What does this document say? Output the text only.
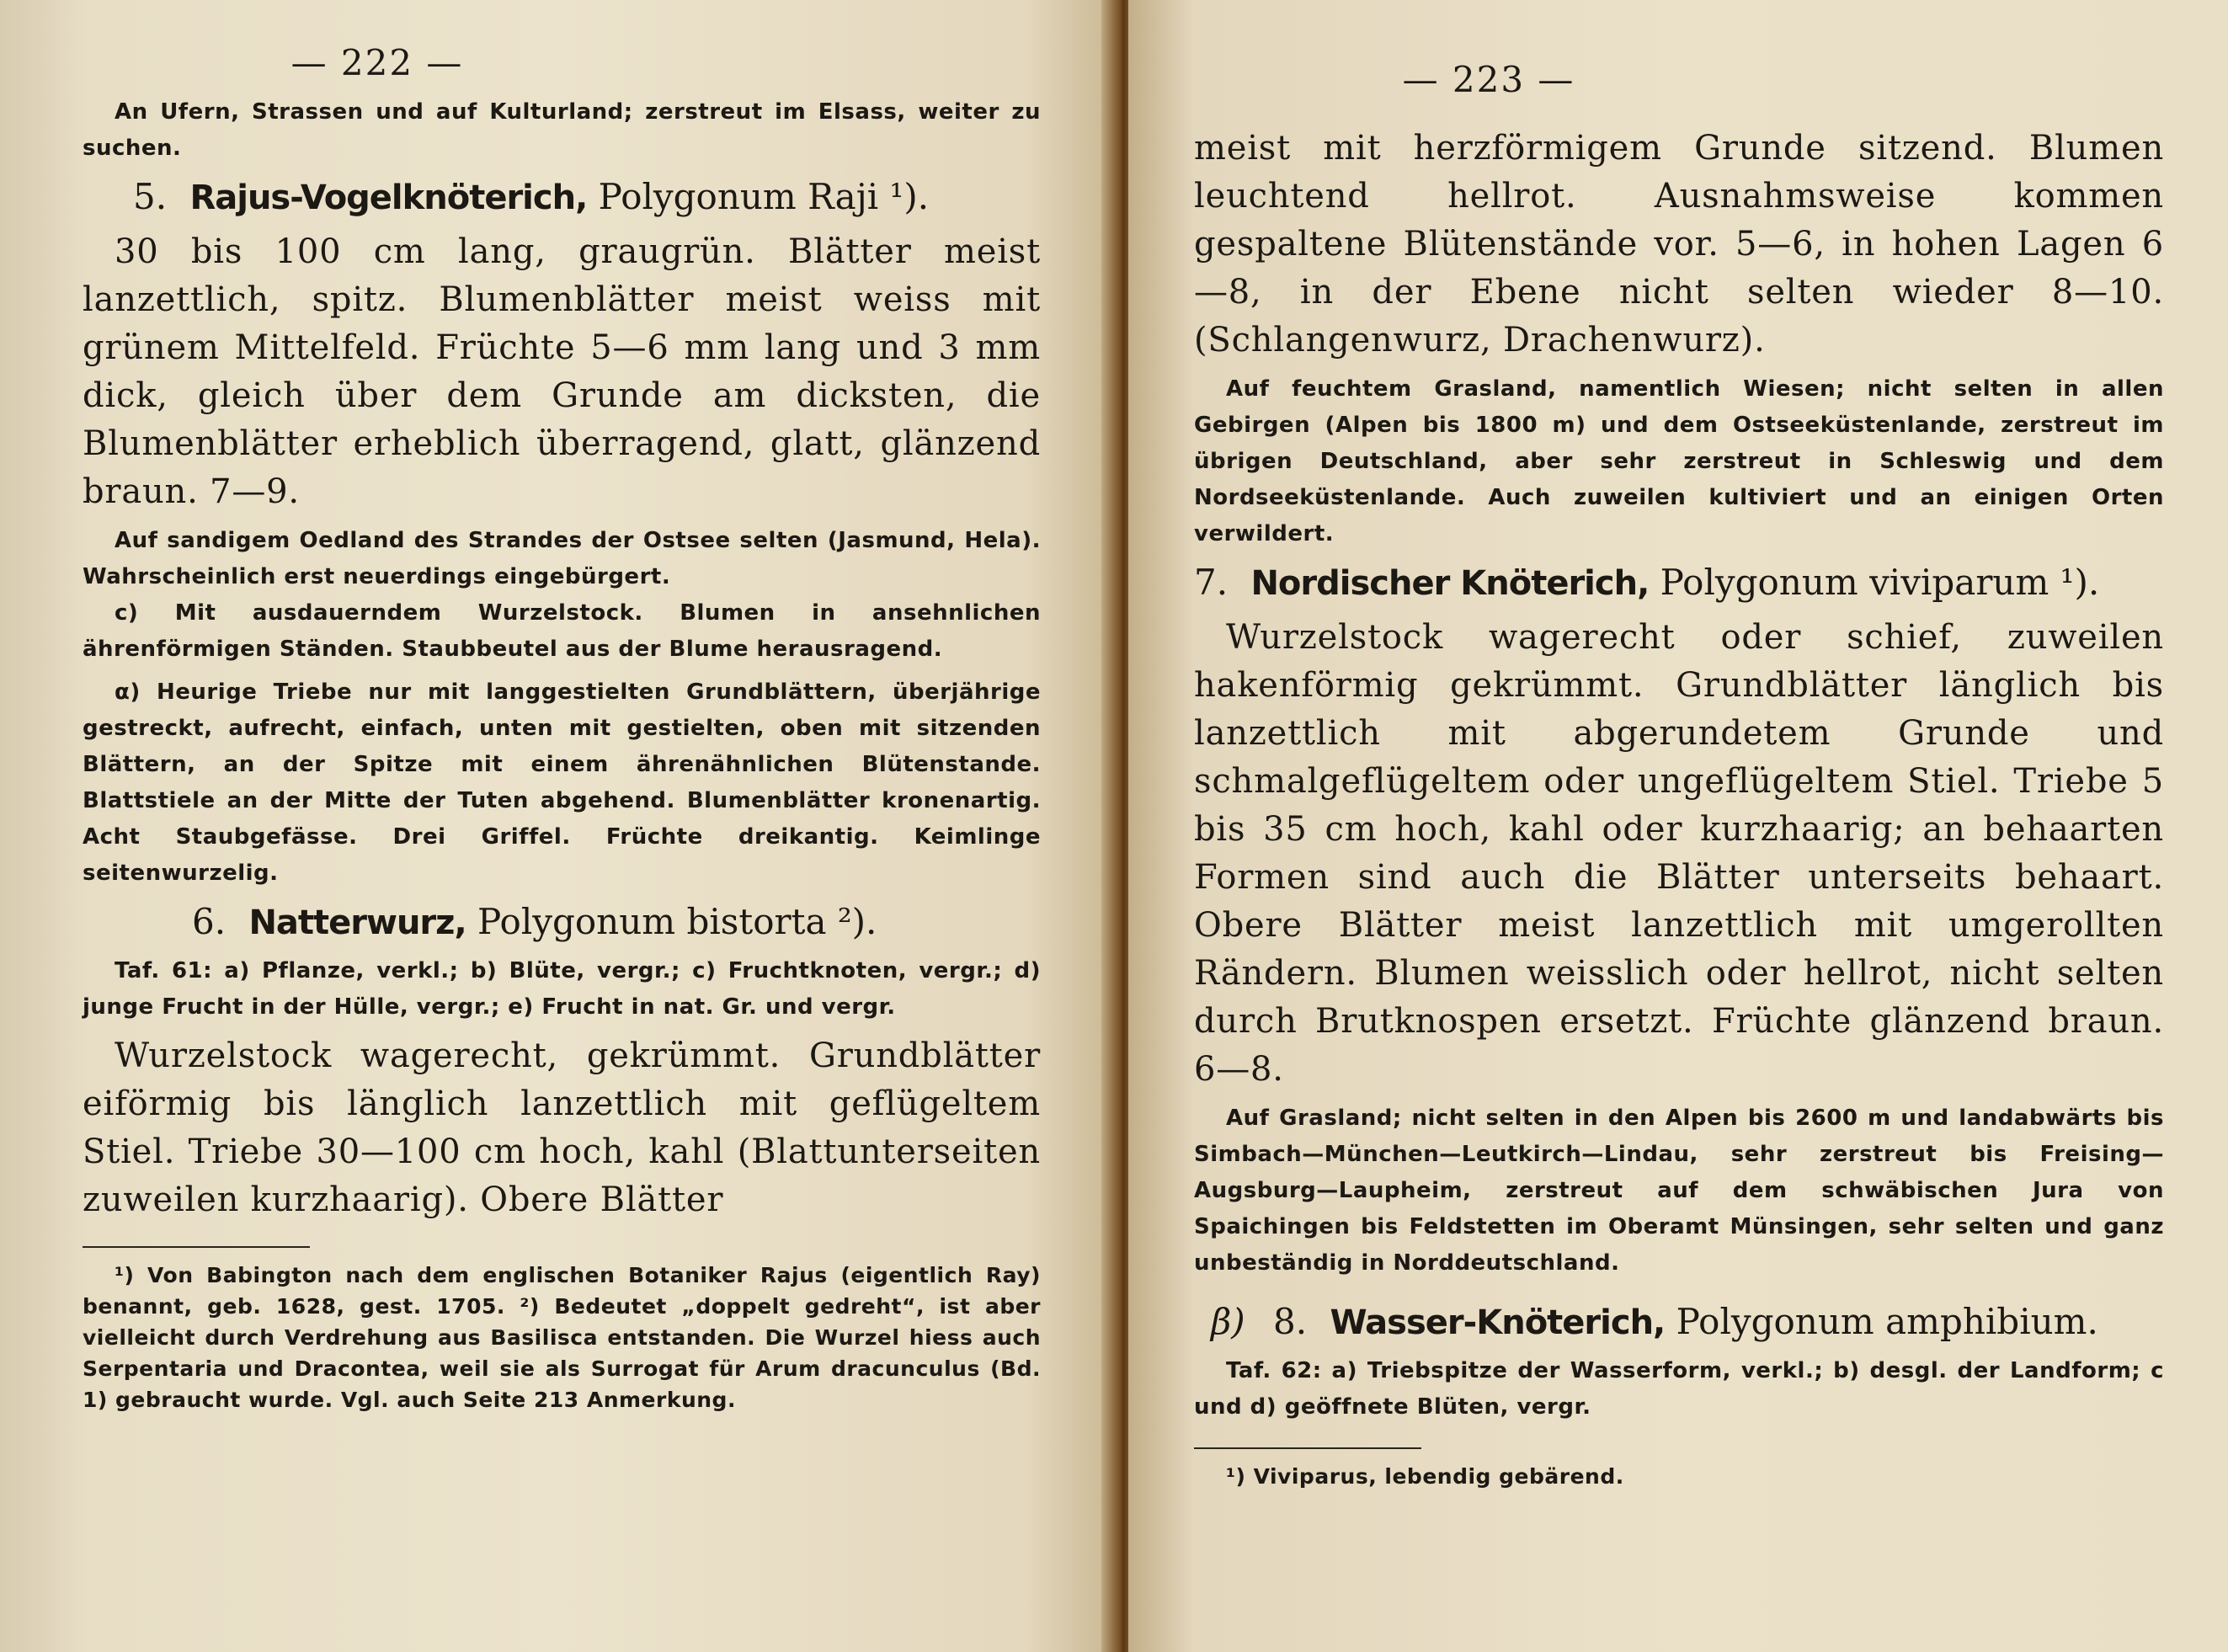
— 222 —

An Ufern, Strassen und auf Kulturland; zerstreut im Elsass, weiter zu suchen.

5. Rajus-Vogelknöterich, Polygonum Raji ¹).

30 bis 100 cm lang, graugrün. Blätter meist lanzettlich, spitz. Blumenblätter meist weiss mit grünem Mittelfeld. Früchte 5—6 mm lang und 3 mm dick, gleich über dem Grunde am dicksten, die Blumenblätter erheblich überragend, glatt, glänzend braun. 7—9.

Auf sandigem Oedland des Strandes der Ostsee selten (Jasmund, Hela). Wahrscheinlich erst neuerdings eingebürgert.

c) Mit ausdauerndem Wurzelstock. Blumen in ansehnlichen ährenförmigen Ständen. Staubbeutel aus der Blume herausragend.

α) Heurige Triebe nur mit langgestielten Grundblättern, überjährige gestreckt, aufrecht, einfach, unten mit gestielten, oben mit sitzenden Blättern, an der Spitze mit einem ährenähnlichen Blütenstande. Blattstiele an der Mitte der Tuten abgehend. Blumenblätter kronenartig. Acht Staubgefässe. Drei Griffel. Früchte dreikantig. Keimlinge seitenwurzelig.

6. Natterwurz, Polygonum bistorta ²).

Taf. 61: a) Pflanze, verkl.; b) Blüte, vergr.; c) Fruchtknoten, vergr.; d) junge Frucht in der Hülle, vergr.; e) Frucht in nat. Gr. und vergr.

Wurzelstock wagerecht, gekrümmt. Grundblätter eiförmig bis länglich lanzettlich mit geflügeltem Stiel. Triebe 30—100 cm hoch, kahl (Blattunterseiten zuweilen kurzhaarig). Obere Blätter

¹) Von Babington nach dem englischen Botaniker Rajus (eigentlich Ray) benannt, geb. 1628, gest. 1705. ²) Bedeutet „doppelt gedreht“, ist aber vielleicht durch Verdrehung aus Basilisca entstanden. Die Wurzel hiess auch Serpentaria und Dracontea, weil sie als Surrogat für Arum dracunculus (Bd. 1) gebraucht wurde. Vgl. auch Seite 213 Anmerkung.

— 223 —

meist mit herzförmigem Grunde sitzend. Blumen leuchtend hellrot. Ausnahmsweise kommen gespaltene Blütenstände vor. 5—6, in hohen Lagen 6—8, in der Ebene nicht selten wieder 8—10. (Schlangenwurz, Drachenwurz).

Auf feuchtem Grasland, namentlich Wiesen; nicht selten in allen Gebirgen (Alpen bis 1800 m) und dem Ostseeküstenlande, zerstreut im übrigen Deutschland, aber sehr zerstreut in Schleswig und dem Nordseeküstenlande. Auch zuweilen kultiviert und an einigen Orten verwildert.

7. Nordischer Knöterich, Polygonum viviparum ¹).

Wurzelstock wagerecht oder schief, zuweilen hakenförmig gekrümmt. Grundblätter länglich bis lanzettlich mit abgerundetem Grunde und schmalgeflügeltem oder ungeflügeltem Stiel. Triebe 5 bis 35 cm hoch, kahl oder kurzhaarig; an behaarten Formen sind auch die Blätter unterseits behaart. Obere Blätter meist lanzettlich mit umgerollten Rändern. Blumen weisslich oder hellrot, nicht selten durch Brutknospen ersetzt. Früchte glänzend braun. 6—8.

Auf Grasland; nicht selten in den Alpen bis 2600 m und landabwärts bis Simbach—München—Leutkirch—Lindau, sehr zerstreut bis Freising—Augsburg—Laupheim, zerstreut auf dem schwäbischen Jura von Spaichingen bis Feldstetten im Oberamt Münsingen, sehr selten und ganz unbeständig in Norddeutschland.

β) 8. Wasser-Knöterich, Polygonum amphibium.

Taf. 62: a) Triebspitze der Wasserform, verkl.; b) desgl. der Landform; c und d) geöffnete Blüten, vergr.

¹) Viviparus, lebendig gebärend.
